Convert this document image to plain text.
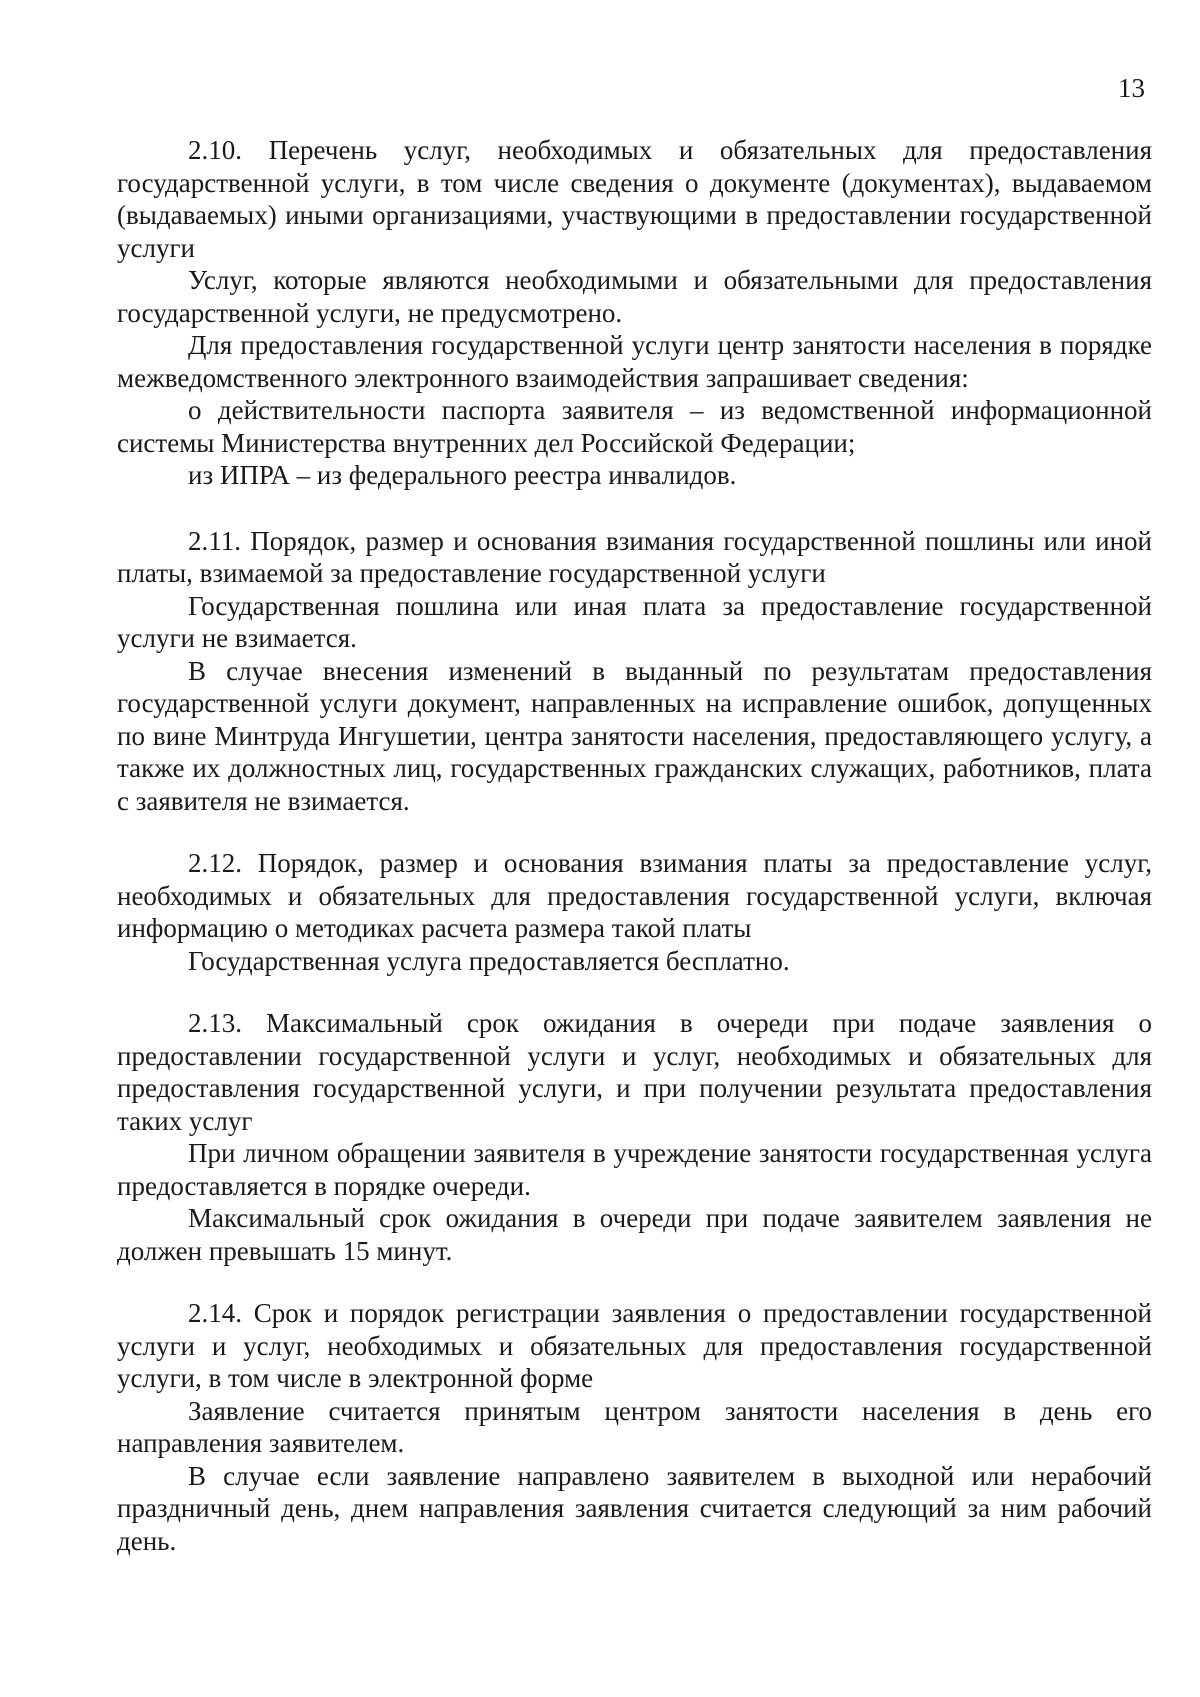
13

2.10. Перечень услуг, необходимых и обязательных для предоставления государственной услуги, в том числе сведения о документе (документах), выдаваемом (выдаваемых) иными организациями, участвующими в предоставлении государственной услуги

Услуг, которые являются необходимыми и обязательными для предоставления государственной услуги, не предусмотрено.

Для предоставления государственной услуги центр занятости населения в порядке межведомственного электронного взаимодействия запрашивает сведения:

о действительности паспорта заявителя – из ведомственной информационной системы Министерства внутренних дел Российской Федерации;

из ИПРА – из федерального реестра инвалидов.

2.11. Порядок, размер и основания взимания государственной пошлины или иной платы, взимаемой за предоставление государственной услуги

Государственная пошлина или иная плата за предоставление государственной услуги не взимается.

В случае внесения изменений в выданный по результатам предоставления государственной услуги документ, направленных на исправление ошибок, допущенных по вине Минтруда Ингушетии, центра занятости населения, предоставляющего услугу, а также их должностных лиц, государственных гражданских служащих, работников, плата с заявителя не взимается.

2.12. Порядок, размер и основания взимания платы за предоставление услуг, необходимых и обязательных для предоставления государственной услуги, включая информацию о методиках расчета размера такой платы

Государственная услуга предоставляется бесплатно.

2.13. Максимальный срок ожидания в очереди при подаче заявления о предоставлении государственной услуги и услуг, необходимых и обязательных для предоставления государственной услуги, и при получении результата предоставления таких услуг

При личном обращении заявителя в учреждение занятости государственная услуга предоставляется в порядке очереди.

Максимальный срок ожидания в очереди при подаче заявителем заявления не должен превышать 15 минут.

2.14. Срок и порядок регистрации заявления о предоставлении государственной услуги и услуг, необходимых и обязательных для предоставления государственной услуги, в том числе в электронной форме

Заявление считается принятым центром занятости населения в день его направления заявителем.

В случае если заявление направлено заявителем в выходной или нерабочий праздничный день, днем направления заявления считается следующий за ним рабочий день.
